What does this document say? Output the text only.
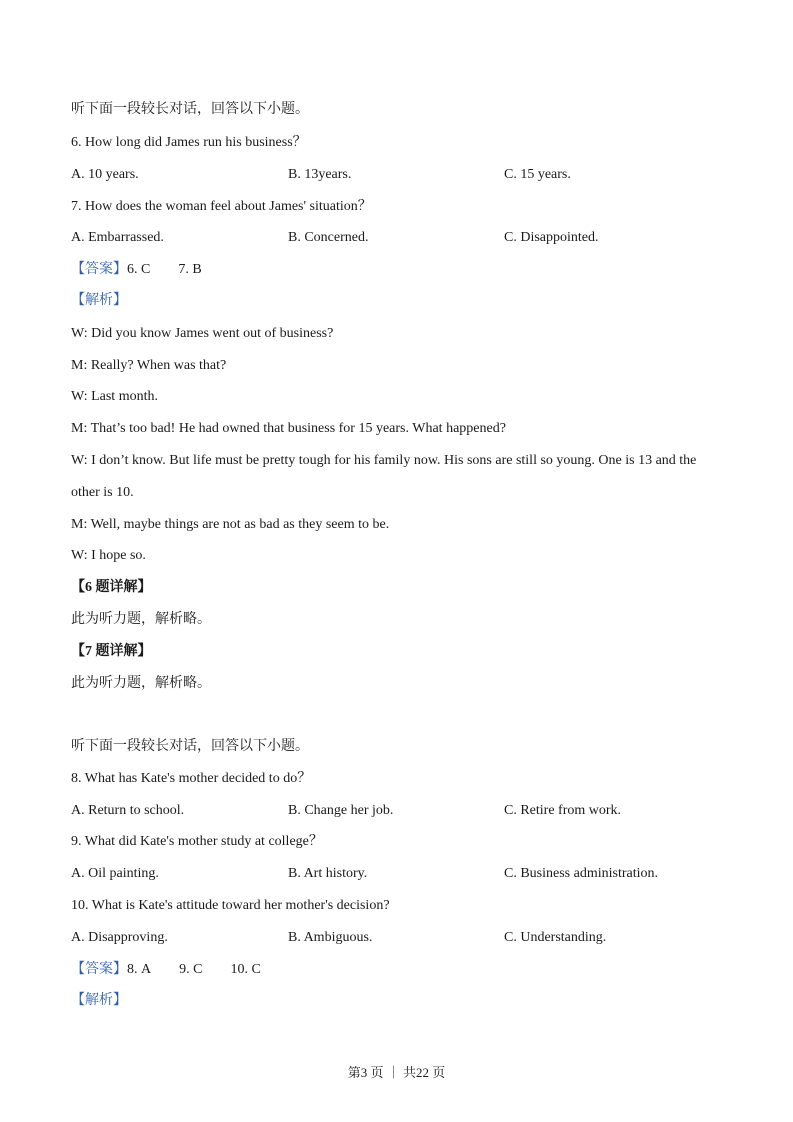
听下面一段较长对话，回答以下小题。
6. How long did James run his business？
A. 10 years.	B. 13years.	C. 15 years.
7. How does the woman feel about James' situation？
A. Embarrassed.	B. Concerned.	C. Disappointed.
【答案】6. C 7. B
【解析】
W: Did you know James went out of business?
M: Really? When was that?
W: Last month.
M: That’s too bad! He had owned that business for 15 years. What happened?
W: I don’t know. But life must be pretty tough for his family now. His sons are still so young. One is 13 and the
other is 10.
M: Well, maybe things are not as bad as they seem to be.
W: I hope so.
【6 题详解】
此为听力题，解析略。
【7 题详解】
此为听力题，解析略。
听下面一段较长对话，回答以下小题。
8. What has Kate's mother decided to do？
A. Return to school.	B. Change her job.	C. Retire from work.
9. What did Kate's mother study at college？
A. Oil painting.	B. Art history.	C. Business administration.
10. What is Kate's attitude toward her mother's decision?
A. Disapproving.	B. Ambiguous.	C. Understanding.
【答案】8. A 9. C 10. C
【解析】
第3 页 ｜ 共22 页
